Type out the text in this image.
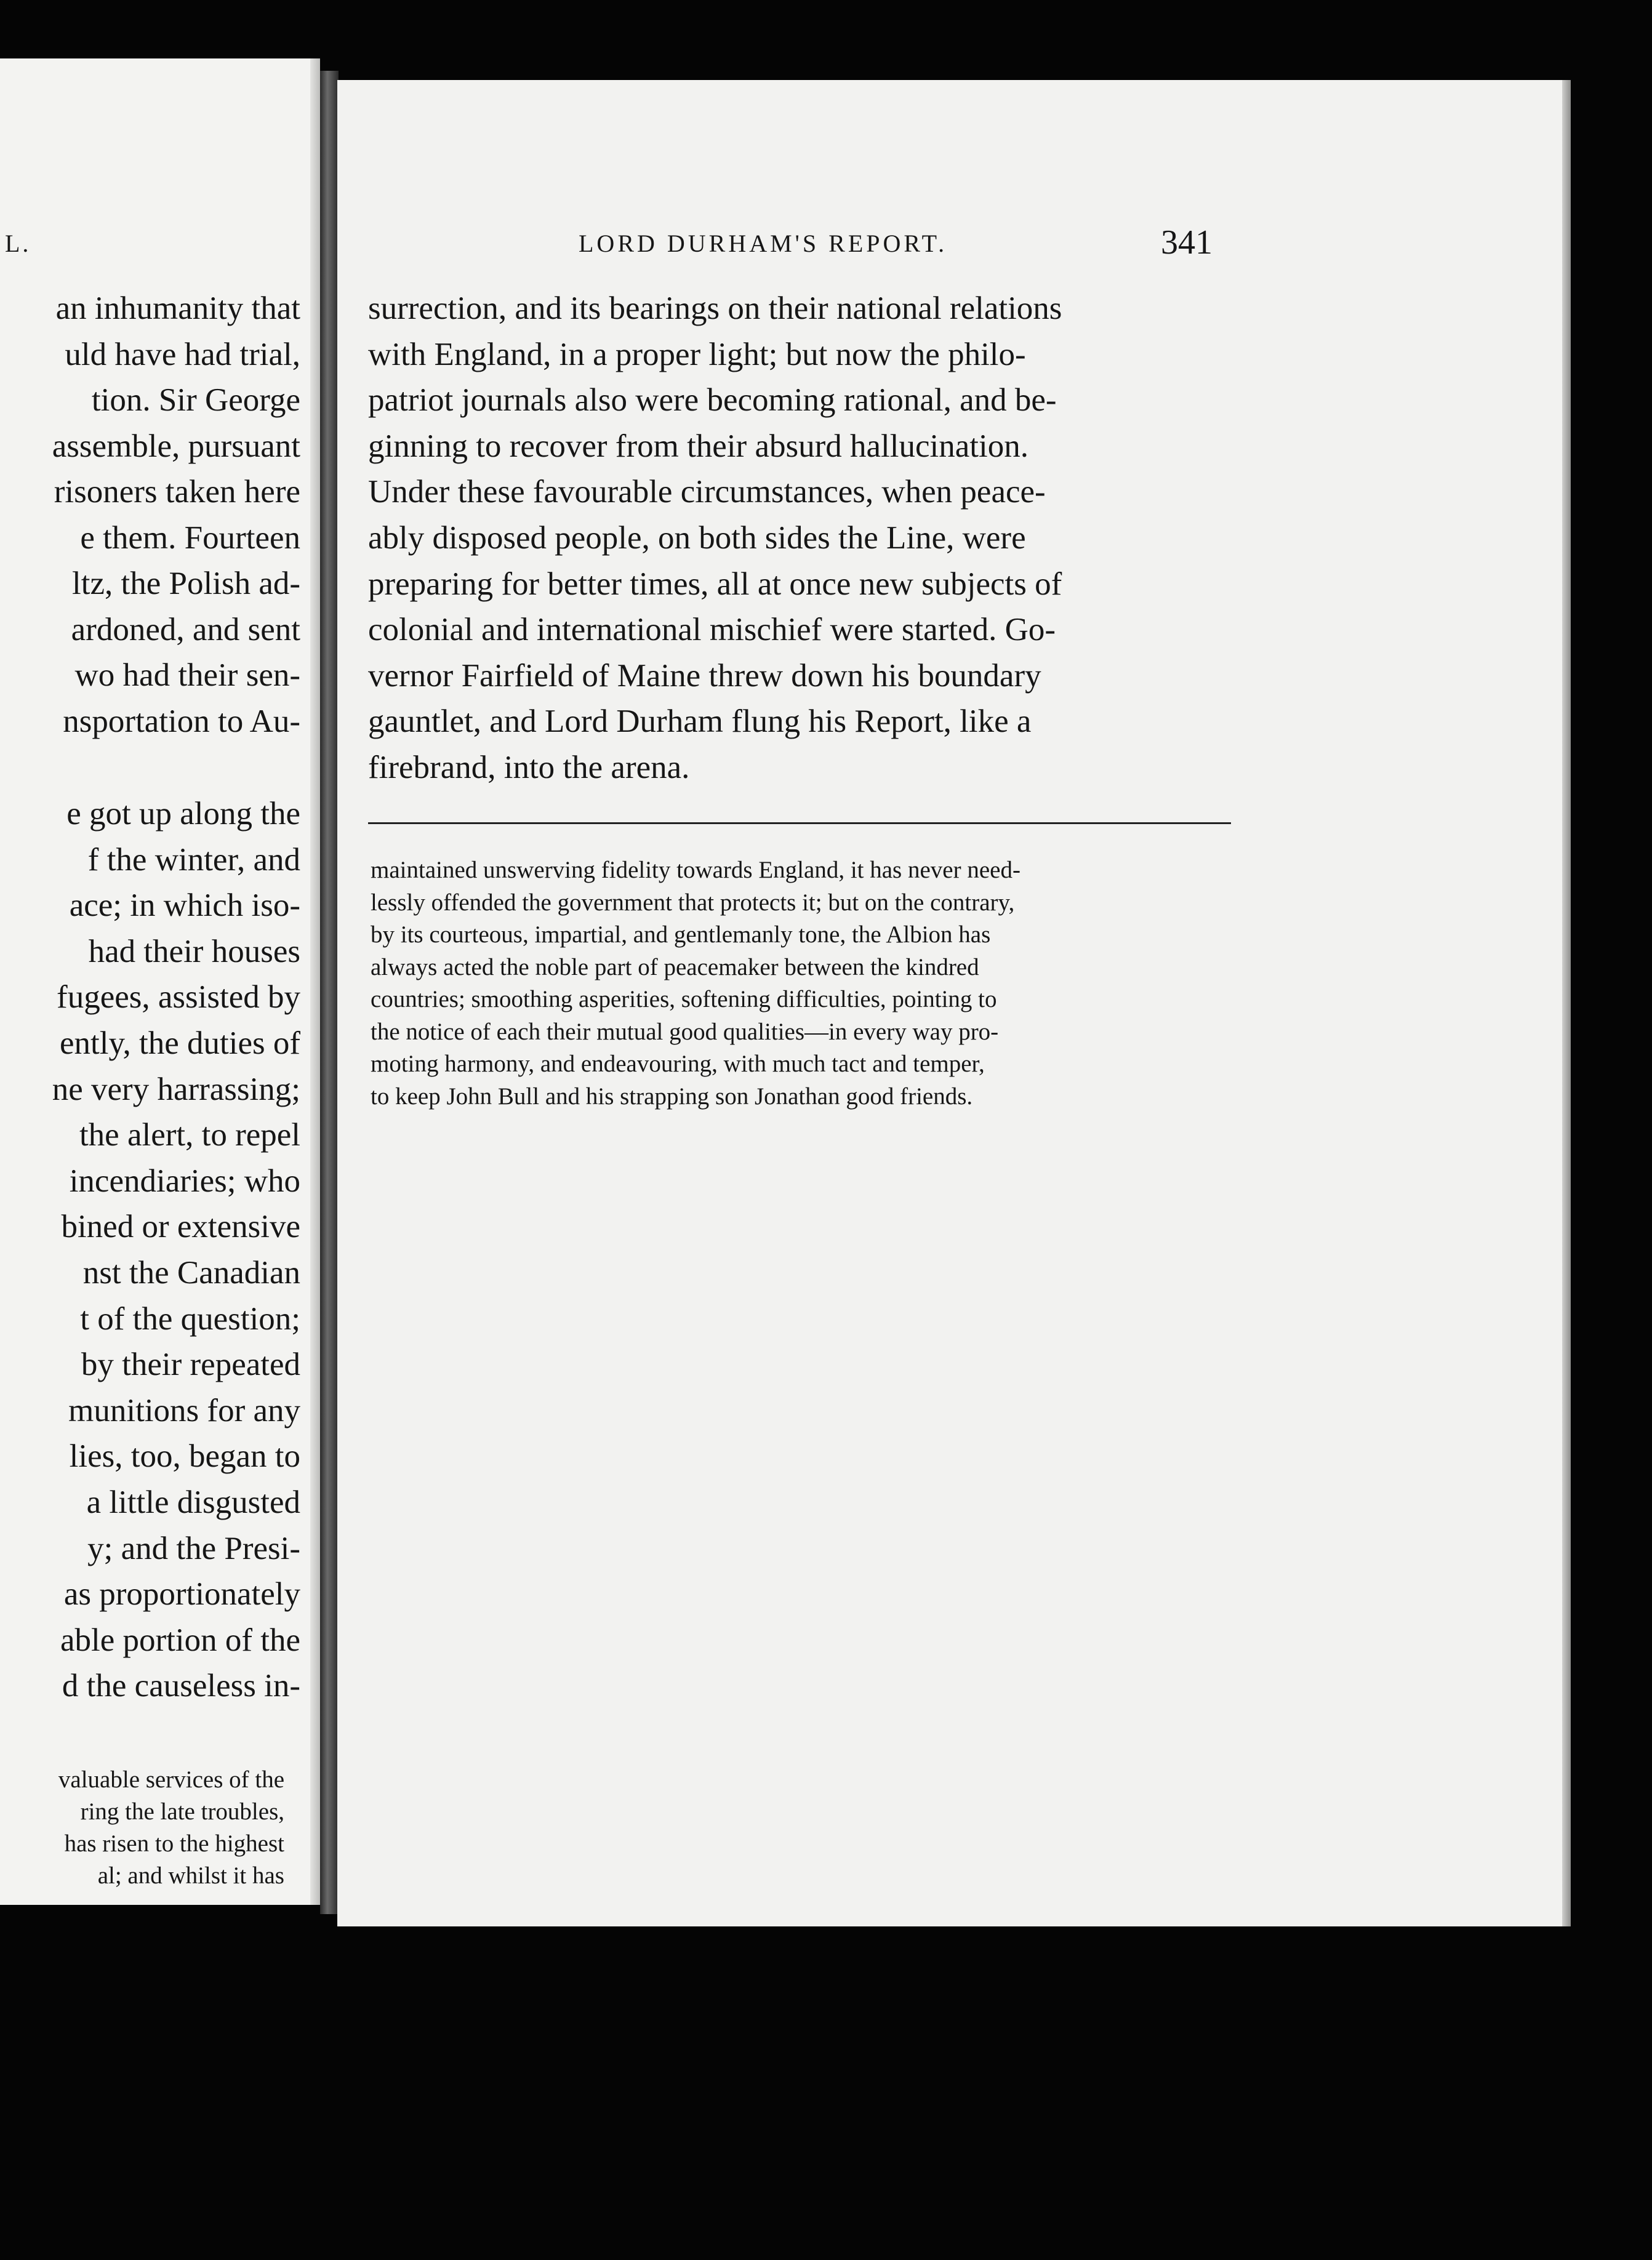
L.	LORD DURHAM'S REPORT.	341
an inhumanity that
uld have had trial,
tion. Sir George
assemble, pursuant
risoners taken here
e them. Fourteen
ltz, the Polish ad-
ardoned, and sent
wo had their sen-
nsportation to Au-
e got up along the
f the winter, and
ace; in which iso-
had their houses
fugees, assisted by
ently, the duties of
ne very harrassing;
the alert, to repel
incendiaries; who
bined or extensive
nst the Canadian
t of the question;
by their repeated
munitions for any
lies, too, began to
a little disgusted
y; and the Presi-
as proportionately
able portion of the
d the causeless in-
valuable services of the
ring the late troubles,
has risen to the highest
al; and whilst it has
surrection, and its bearings on their national relations
with England, in a proper light; but now the philo-
patriot journals also were becoming rational, and be-
ginning to recover from their absurd hallucination.
Under these favourable circumstances, when peace-
ably disposed people, on both sides the Line, were
preparing for better times, all at once new subjects of
colonial and international mischief were started. Go-
vernor Fairfield of Maine threw down his boundary
gauntlet, and Lord Durham flung his Report, like a
firebrand, into the arena.
maintained unswerving fidelity towards England, it has never need-
lessly offended the government that protects it; but on the contrary,
by its courteous, impartial, and gentlemanly tone, the Albion has
always acted the noble part of peacemaker between the kindred
countries; smoothing asperities, softening difficulties, pointing to
the notice of each their mutual good qualities—in every way pro-
moting harmony, and endeavouring, with much tact and temper,
to keep John Bull and his strapping son Jonathan good friends.
